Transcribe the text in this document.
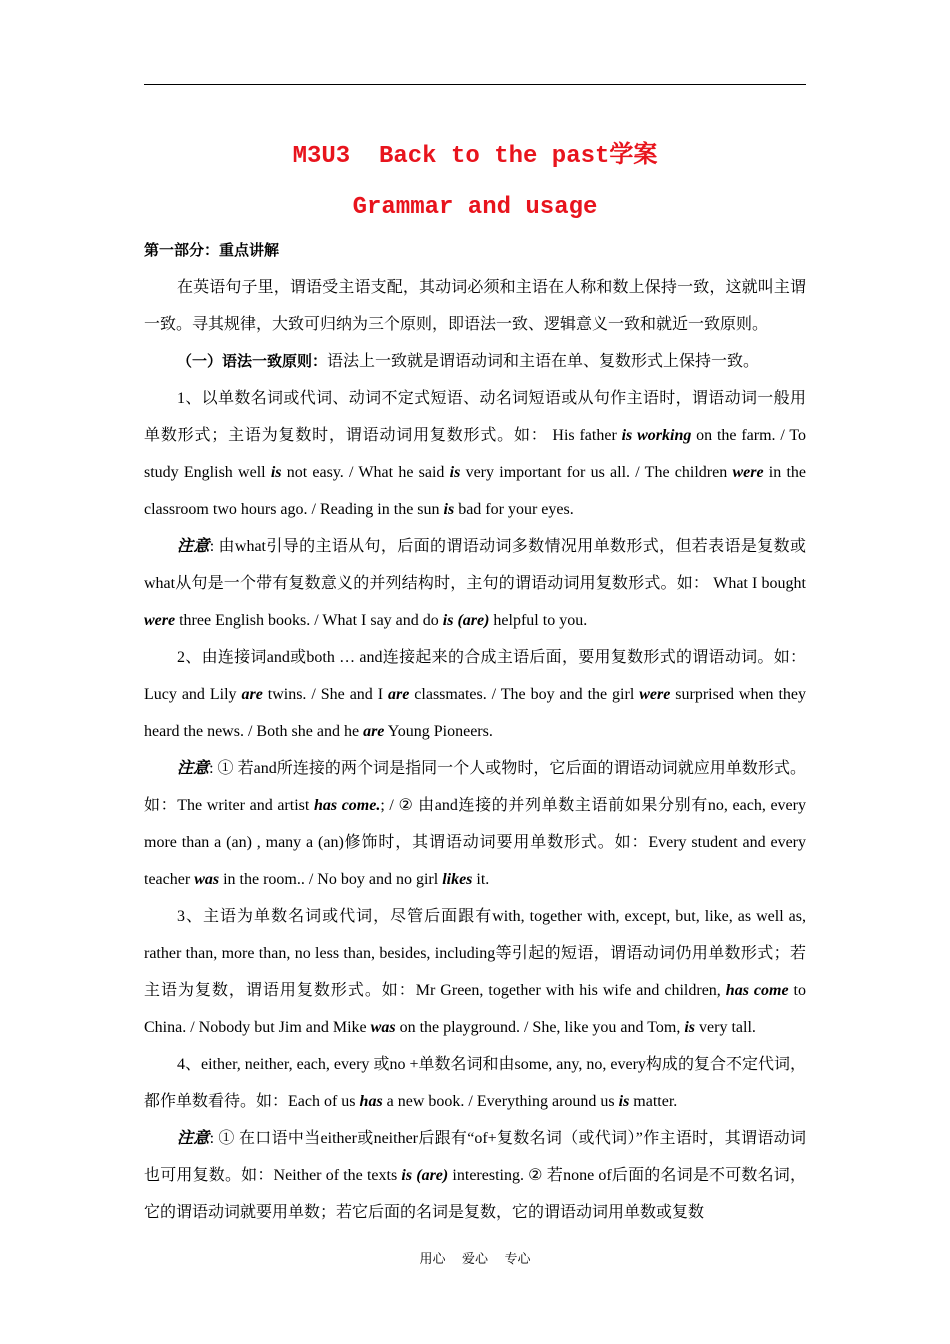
M3U3  Back to the past学案
Grammar and usage

第一部分：重点讲解

在英语句子里，谓语受主语支配，其动词必须和主语在人称和数上保持一致，这就叫主谓一致。寻其规律，大致可归纳为三个原则，即语法一致、逻辑意义一致和就近一致原则。

（一）语法一致原则：语法上一致就是谓语动词和主语在单、复数形式上保持一致。

1、以单数名词或代词、动词不定式短语、动名词短语或从句作主语时，谓语动词一般用单数形式；主语为复数时，谓语动词用复数形式。如： His father is working on the farm. / To study English well is not easy. / What he said is very important for us all. / The children were in the classroom two hours ago. / Reading in the sun is bad for your eyes.

注意: 由what引导的主语从句，后面的谓语动词多数情况用单数形式，但若表语是复数或what从句是一个带有复数意义的并列结构时，主句的谓语动词用复数形式。如： What I bought were three English books. / What I say and do is (are) helpful to you.

2、由连接词and或both … and连接起来的合成主语后面，要用复数形式的谓语动词。如：Lucy and Lily are twins. / She and I are classmates. / The boy and the girl were surprised when they heard the news. / Both she and he are Young Pioneers.

注意: ① 若and所连接的两个词是指同一个人或物时，它后面的谓语动词就应用单数形式。如：The writer and artist has come.; / ② 由and连接的并列单数主语前如果分别有no, each, every more than a (an) , many a (an)修饰时，其谓语动词要用单数形式。如：Every student and every teacher was in the room.. / No boy and no girl likes it.

3、主语为单数名词或代词，尽管后面跟有with, together with, except, but, like, as well as, rather than, more than, no less than, besides, including等引起的短语，谓语动词仍用单数形式；若主语为复数，谓语用复数形式。如：Mr Green, together with his wife and children, has come to China. / Nobody but Jim and Mike was on the playground. / She, like you and Tom, is very tall.

4、either, neither, each, every 或no +单数名词和由some, any, no, every构成的复合不定代词，都作单数看待。如：Each of us has a new book. / Everything around us is matter.

注意: ① 在口语中当either或neither后跟有“of+复数名词（或代词）”作主语时，其谓语动词也可用复数。如：Neither of the texts is (are) interesting. ② 若none of后面的名词是不可数名词，它的谓语动词就要用单数；若它后面的名词是复数，它的谓语动词用单数或复数

用心    爱心    专心
